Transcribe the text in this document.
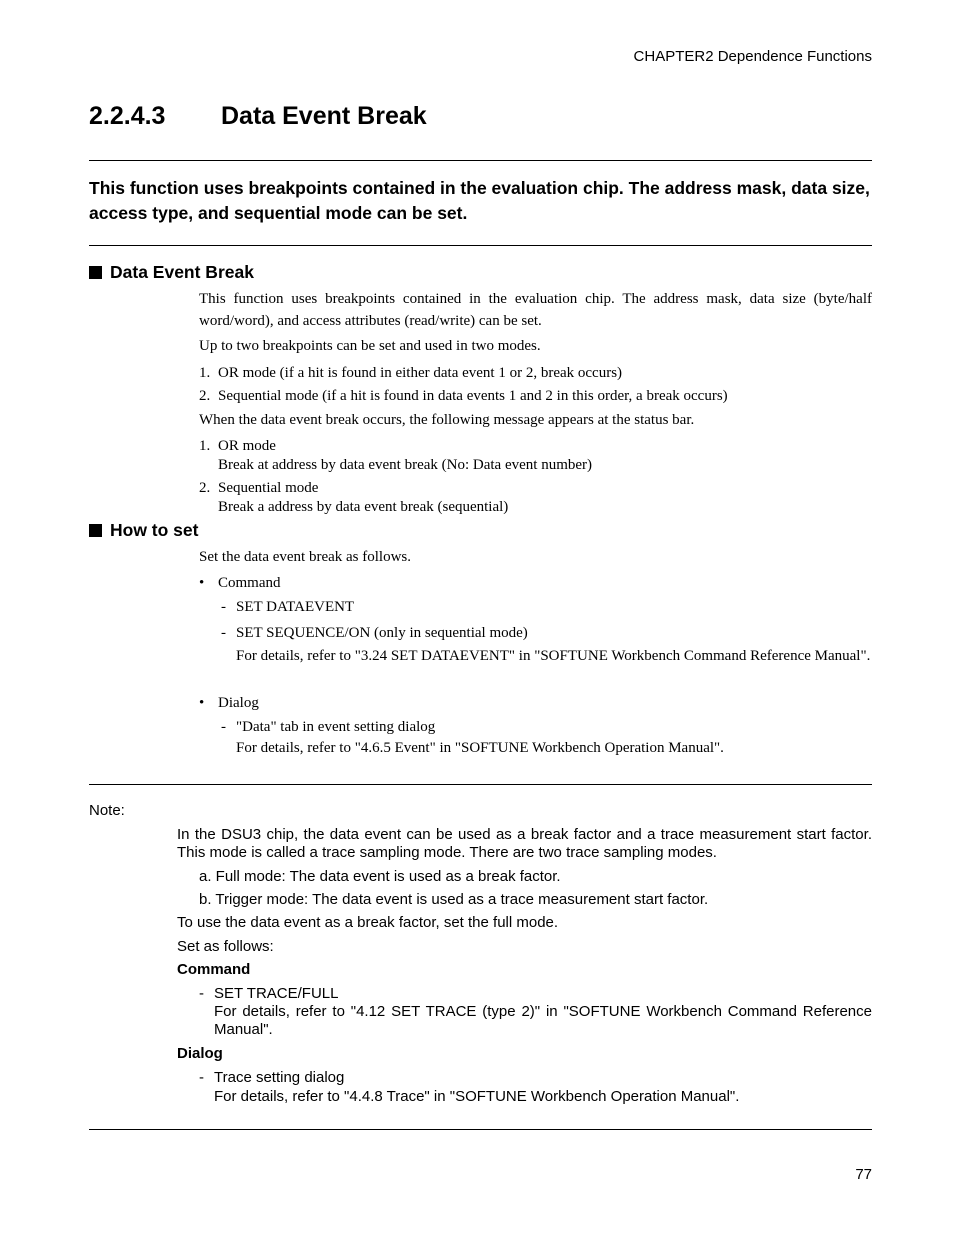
CHAPTER2 Dependence Functions
2.2.4.3 Data Event Break
This function uses breakpoints contained in the evaluation chip. The address mask, data size, access type, and sequential mode can be set.
Data Event Break
This function uses breakpoints contained in the evaluation chip. The address mask, data size (byte/half word/word), and access attributes (read/write) can be set.
Up to two breakpoints can be set and used in two modes.
1. OR mode (if a hit is found in either data event 1 or 2, break occurs)
2. Sequential mode (if a hit is found in data events 1 and 2 in this order, a break occurs)
When the data event break occurs, the following message appears at the status bar.
1. OR mode
Break at address by data event break (No: Data event number)
2. Sequential mode
Break a address by data event break (sequential)
How to set
Set the data event break as follows.
• Command
- SET DATAEVENT
- SET SEQUENCE/ON (only in sequential mode)
For details, refer to "3.24 SET DATAEVENT" in "SOFTUNE Workbench Command Reference Manual".
• Dialog
- "Data" tab in event setting dialog
For details, refer to "4.6.5 Event" in "SOFTUNE Workbench Operation Manual".
Note:
In the DSU3 chip, the data event can be used as a break factor and a trace measurement start factor. This mode is called a trace sampling mode. There are two trace sampling modes.
a. Full mode: The data event is used as a break factor.
b. Trigger mode: The data event is used as a trace measurement start factor.
To use the data event as a break factor, set the full mode.
Set as follows:
Command
- SET TRACE/FULL
For details, refer to "4.12 SET TRACE (type 2)" in "SOFTUNE Workbench Command Reference Manual".
Dialog
- Trace setting dialog
For details, refer to "4.4.8 Trace" in "SOFTUNE Workbench Operation Manual".
77
